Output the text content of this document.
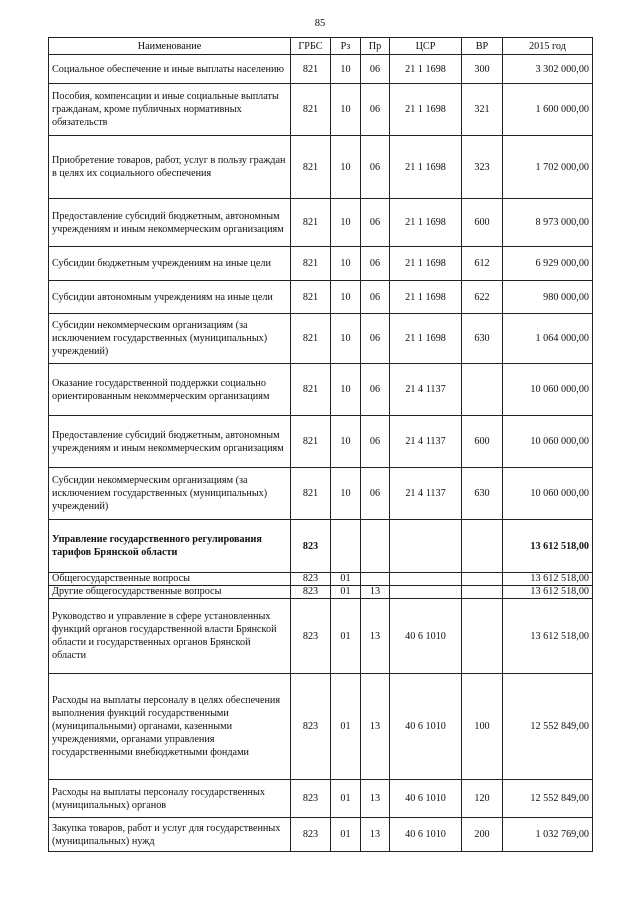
85
Наименование	ГРБС	Рз	Пр	ЦСР	ВР	2015 год
Социальное обеспечение и иные выплаты населению	821	10	06	21 1 1698	300	3 302 000,00
Пособия, компенсации и иные социальные выплаты гражданам, кроме публичных нормативных обязательств	821	10	06	21 1 1698	321	1 600 000,00
Приобретение товаров, работ, услуг в пользу граждан в целях их социального обеспечения	821	10	06	21 1 1698	323	1 702 000,00
Предоставление субсидий бюджетным, автономным учреждениям и иным некоммерческим организациям	821	10	06	21 1 1698	600	8 973 000,00
Субсидии бюджетным учреждениям на иные цели	821	10	06	21 1 1698	612	6 929 000,00
Субсидии автономным учреждениям на иные цели	821	10	06	21 1 1698	622	980 000,00
Субсидии некоммерческим организациям (за исключением государственных (муниципальных) учреждений)	821	10	06	21 1 1698	630	1 064 000,00
Оказание государственной поддержки социально ориентированным некоммерческим организациям	821	10	06	21 4 1137		10 060 000,00
Предоставление субсидий бюджетным, автономным учреждениям и иным некоммерческим организациям	821	10	06	21 4 1137	600	10 060 000,00
Субсидии некоммерческим организациям (за исключением государственных (муниципальных) учреждений)	821	10	06	21 4 1137	630	10 060 000,00
Управление государственного регулирования тарифов Брянской области	823					13 612 518,00
Общегосударственные вопросы	823	01				13 612 518,00
Другие общегосударственные вопросы	823	01	13			13 612 518,00
Руководство и управление в сфере установленных функций органов государственной власти Брянской области и государственных органов Брянской области	823	01	13	40 6 1010		13 612 518,00
Расходы на выплаты персоналу в целях обеспечения выполнения функций государственными (муниципальными) органами, казенными учреждениями, органами управления государственными внебюджетными фондами	823	01	13	40 6 1010	100	12 552 849,00
Расходы на выплаты персоналу государственных (муниципальных) органов	823	01	13	40 6 1010	120	12 552 849,00
Закупка товаров, работ и услуг для государственных (муниципальных) нужд	823	01	13	40 6 1010	200	1 032 769,00
